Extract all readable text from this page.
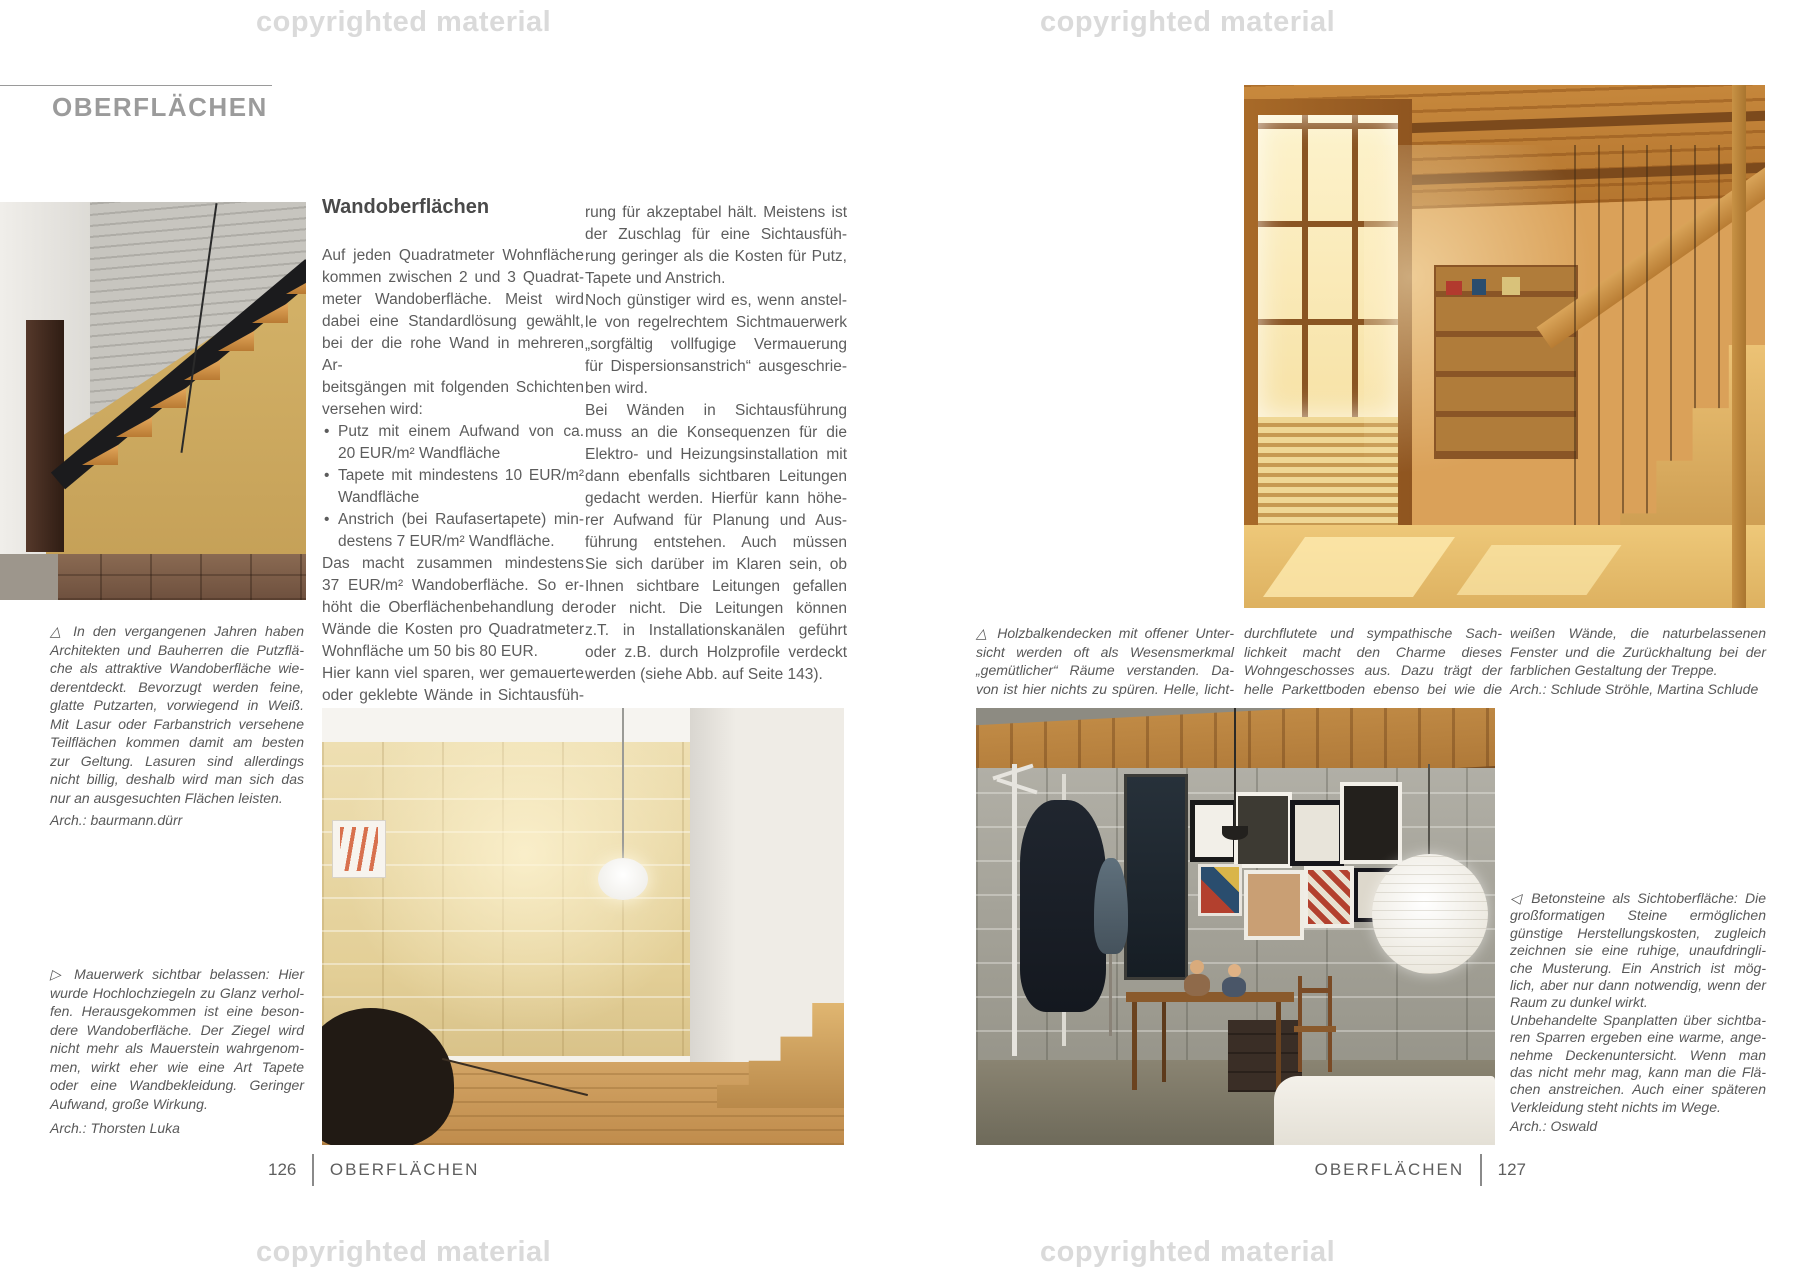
copyrighted material	copyrighted material
copyrighted material	copyrighted material
OBERFLÄCHEN
△ In den vergangenen Jahren haben
Architekten und Bauherren die Putzflä-
che als attraktive Wandoberfläche wie-
derentdeckt. Bevorzugt werden feine,
glatte Putzarten, vorwiegend in Weiß.
Mit Lasur oder Farbanstrich versehene
Teilflächen kommen damit am besten
zur Geltung. Lasuren sind allerdings
nicht billig, deshalb wird man sich das
nur an ausgesuchten Flächen leisten.
Arch.: baurmann.dürr
▷ Mauerwerk sichtbar belassen: Hier
wurde Hochlochziegeln zu Glanz verhol-
fen. Herausgekommen ist eine beson-
dere Wandoberfläche. Der Ziegel wird
nicht mehr als Mauerstein wahrgenom-
men, wirkt eher wie eine Art Tapete
oder eine Wandbekleidung. Geringer
Aufwand, große Wirkung.
Arch.: Thorsten Luka
Wandoberflächen
Auf jeden Quadratmeter Wohnfläche
kommen zwischen 2 und 3 Quadrat-
meter Wandoberfläche. Meist wird
dabei eine Standardlösung gewählt,
bei der die rohe Wand in mehreren Ar-
beitsgängen mit folgenden Schichten
versehen wird:
• Putz mit einem Aufwand von ca.
20 EUR/m² Wandfläche
• Tapete mit mindestens 10 EUR/m²
Wandfläche
• Anstrich (bei Raufasertapete) min-
destens 7 EUR/m² Wandfläche.
Das macht zusammen mindestens
37 EUR/m² Wandoberfläche. So er-
höht die Oberflächenbehandlung der
Wände die Kosten pro Quadratmeter
Wohnfläche um 50 bis 80 EUR.
Hier kann viel sparen, wer gemauerte
oder geklebte Wände in Sichtausfüh-
rung für akzeptabel hält. Meistens ist
der Zuschlag für eine Sichtausfüh-
rung geringer als die Kosten für Putz,
Tapete und Anstrich.
Noch günstiger wird es, wenn anstel-
le von regelrechtem Sichtmauerwerk
„sorgfältig vollfugige Vermauerung
für Dispersionsanstrich“ ausgeschrie-
ben wird.
Bei Wänden in Sichtausführung
muss an die Konsequenzen für die
Elektro- und Heizungsinstallation mit
dann ebenfalls sichtbaren Leitungen
gedacht werden. Hierfür kann höhe-
rer Aufwand für Planung und Aus-
führung entstehen. Auch müssen
Sie sich darüber im Klaren sein, ob
Ihnen sichtbare Leitungen gefallen
oder nicht. Die Leitungen können
z.T. in Installationskanälen geführt
oder z.B. durch Holzprofile verdeckt
werden (siehe Abb. auf Seite 143).
△ Holzbalkendecken mit offener Unter-
sicht werden oft als Wesensmerkmal
„gemütlicher“ Räume verstanden. Da-
von ist hier nichts zu spüren. Helle, licht-
durchflutete und sympathische Sach-
lichkeit macht den Charme dieses
Wohngeschosses aus. Dazu trägt der
helle Parkettboden ebenso bei wie die
weißen Wände, die naturbelassenen
Fenster und die Zurückhaltung bei der
farblichen Gestaltung der Treppe.
Arch.: Schlude Ströhle, Martina Schlude
◁ Betonsteine als Sichtoberfläche: Die
großformatigen Steine ermöglichen
günstige Herstellungskosten, zugleich
zeichnen sie eine ruhige, unaufdringli-
che Musterung. Ein Anstrich ist mög-
lich, aber nur dann notwendig, wenn der
Raum zu dunkel wirkt.
Unbehandelte Spanplatten über sichtba-
ren Sparren ergeben eine warme, ange-
nehme Deckenuntersicht. Wenn man
das nicht mehr mag, kann man die Flä-
chen anstreichen. Auch einer späteren
Verkleidung steht nichts im Wege.
Arch.: Oswald
126 OBERFLÄCHEN	OBERFLÄCHEN 127
